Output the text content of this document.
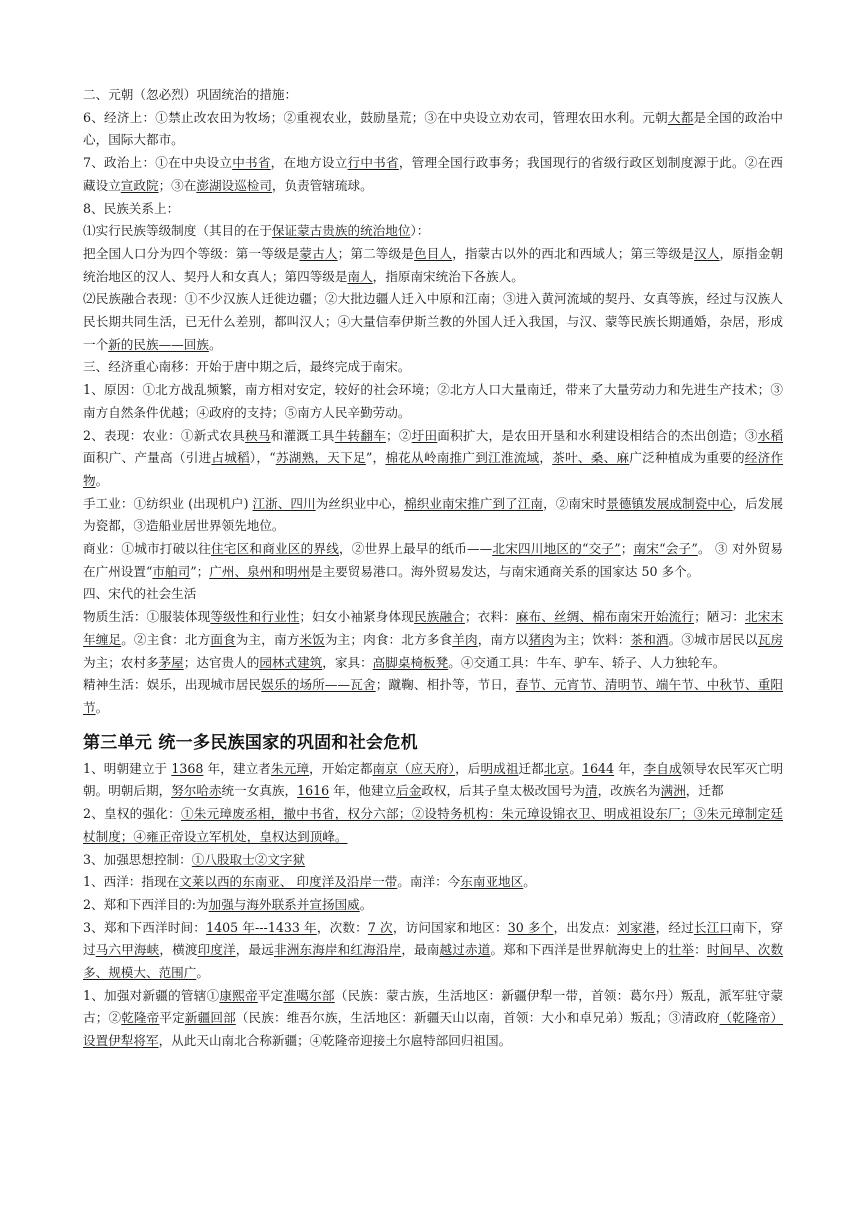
二、元朝（忽必烈）巩固统治的措施：

6、经济上：①禁止改农田为牧场；②重视农业，鼓励垦荒；③在中央设立劝农司，管理农田水利。元朝大都是全国的政治中心，国际大都市。

7、政治上：①在中央设立中书省，在地方设立行中书省，管理全国行政事务；我国现行的省级行政区划制度源于此。②在西藏设立宣政院；③在澎湖设巡检司，负责管辖琉球。

8、民族关系上：

⑴实行民族等级制度（其目的在于保证蒙古贵族的统治地位）：

把全国人口分为四个等级：第一等级是蒙古人；第二等级是色目人，指蒙古以外的西北和西域人；第三等级是汉人，原指金朝统治地区的汉人、契丹人和女真人；第四等级是南人，指原南宋统治下各族人。

⑵民族融合表现：①不少汉族人迁徙边疆；②大批边疆人迁入中原和江南；③进入黄河流域的契丹、女真等族，经过与汉族人民长期共同生活，已无什么差别，都叫汉人；④大量信奉伊斯兰教的外国人迁入我国，与汉、蒙等民族长期通婚，杂居，形成一个新的民族——回族。

三、经济重心南移：开始于唐中期之后，最终完成于南宋。

1、原因：①北方战乱频繁，南方相对安定，较好的社会环境；②北方人口大量南迁，带来了大量劳动力和先进生产技术；③南方自然条件优越；④政府的支持；⑤南方人民辛勤劳动。

2、表现：农业：①新式农具秧马和灌溉工具牛转翻车；②圩田面积扩大，是农田开垦和水利建设相结合的杰出创造；③水稻面积广、产量高（引进占城稻），“苏湖熟，天下足”，棉花从岭南推广到江淮流域，茶叶、桑、麻广泛种植成为重要的经济作物。

手工业：①纺织业 (出现机户) 江浙、四川为丝织业中心，棉织业南宋推广到了江南，②南宋时景德镇发展成制瓷中心，后发展为瓷都，③造船业居世界领先地位。

商业：①城市打破以往住宅区和商业区的界线，②世界上最早的纸币——北宋四川地区的“交子”；南宋“会子”。 ③ 对外贸易在广州设置“市舶司”；广州、泉州和明州是主要贸易港口。海外贸易发达，与南宋通商关系的国家达 50 多个。

四、宋代的社会生活

物质生活：①服装体现等级性和行业性；妇女小袖紧身体现民族融合；衣料：麻布、丝绸、棉布南宋开始流行；陋习：北宋末年缠足。②主食：北方面食为主，南方米饭为主；肉食：北方多食羊肉，南方以猪肉为主；饮料：茶和酒。③城市居民以瓦房为主；农村多茅屋；达官贵人的园林式建筑，家具：高脚桌椅板凳。④交通工具：牛车、驴车、轿子、人力独轮车。

精神生活：娱乐，出现城市居民娱乐的场所——瓦舍；蹴鞠、相扑等，节日，春节、元宵节、清明节、端午节、中秋节、重阳节。

第三单元 统一多民族国家的巩固和社会危机

1、明朝建立于 1368 年，建立者朱元璋，开始定都南京（应天府），后明成祖迁都北京。1644 年，李自成领导农民军灭亡明朝。明朝后期，努尔哈赤统一女真族，1616 年，他建立后金政权，后其子皇太极改国号为清，改族名为满洲，迁都

2、皇权的强化：①朱元璋废丞相，撤中书省，权分六部；②设特务机构：朱元璋设锦衣卫、明成祖设东厂；③朱元璋制定廷杖制度；④雍正帝设立军机处，皇权达到顶峰。

3、加强思想控制：①八股取士②文字狱

1、西洋：指现在文莱以西的东南亚、 印度洋及沿岸一带。南洋：今东南亚地区。

2、郑和下西洋目的:为加强与海外联系并宣扬国威。

3、郑和下西洋时间：1405 年---1433 年，次数：7 次，访问国家和地区：30 多个，出发点：刘家港，经过长江口南下，穿过马六甲海峡，横渡印度洋，最远非洲东海岸和红海沿岸，最南越过赤道。郑和下西洋是世界航海史上的壮举：时间早、次数多、规模大、范围广。

1、加强对新疆的管辖①康熙帝平定准噶尔部（民族：蒙古族，生活地区：新疆伊犁一带，首领：葛尔丹）叛乱，派军驻守蒙古；②乾隆帝平定新疆回部（民族：维吾尔族，生活地区：新疆天山以南，首领：大小和卓兄弟）叛乱；③清政府（乾隆帝）设置伊犁将军，从此天山南北合称新疆；④乾隆帝迎接土尔扈特部回归祖国。
